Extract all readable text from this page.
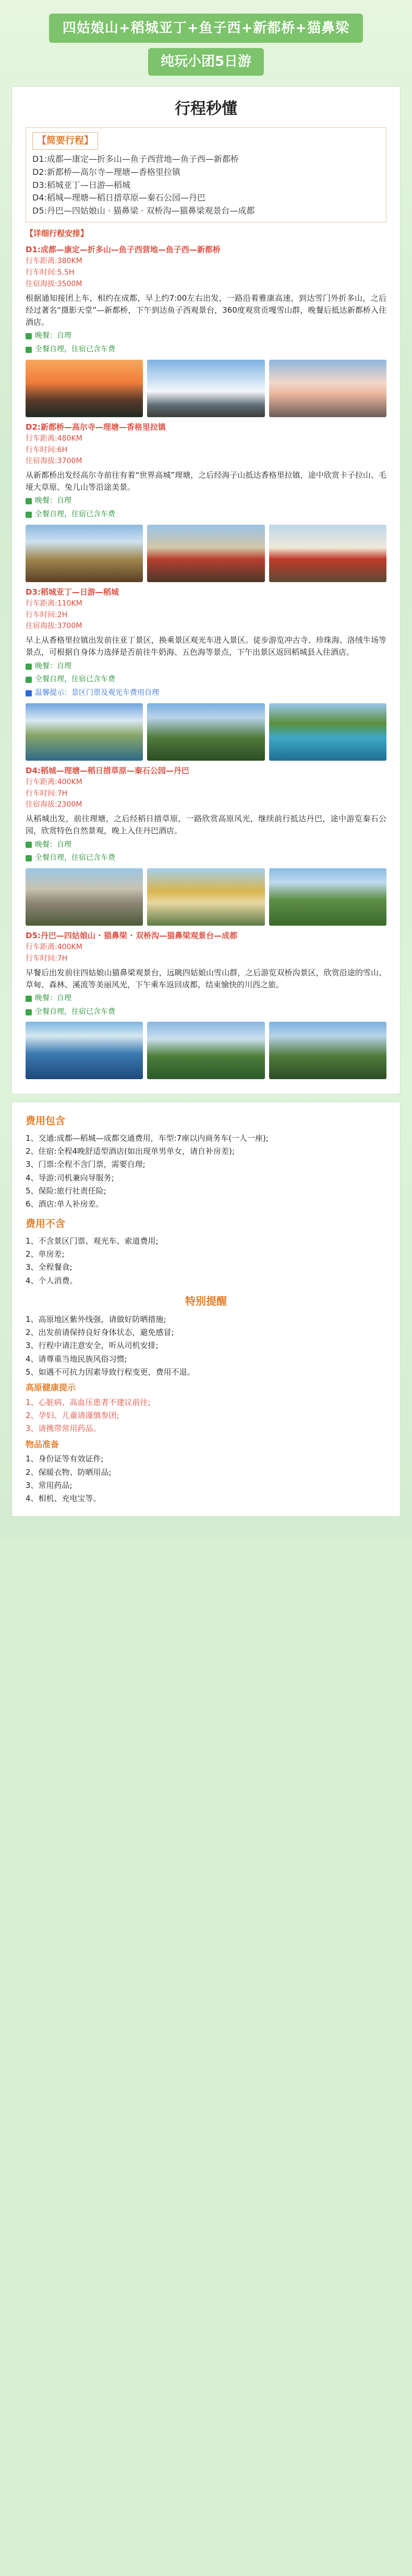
四姑娘山+稻城亚丁+鱼子西+新都桥+猫鼻梁
纯玩小团5日游
行程秒懂
【简要行程】
D1:成都—康定—折多山—鱼子西营地—鱼子西—新都桥
D2:新都桥—高尔寺—理塘—香格里拉镇
D3:稻城亚丁—日游—稻城
D4:稻城—理塘—稻日措草原—秦石公园—丹巴
D5:丹巴—四姑娘山 · 猫鼻梁 · 双桥沟—猫鼻梁观景台—成都
【详细行程安排】
D1:成都—康定—折多山—鱼子西营地—鱼子西—新都桥
行车距离:380KM
行车时间:5.5H
住宿海拔:3500M
根据通知接团上车，相约在成都，早上约7:00左右出发，一路沿着雅康高速，到达雪门外折多山，之后经过著名“摄影天堂”—新都桥，下午到达鱼子西观景台，360度观赏贡嘎雪山群，晚餐后抵达新都桥入住酒店。
晚餐：自理
全餐自理，住宿已含车费
D2:新都桥—高尔寺—理塘—香格里拉镇
行车距离:480KM
行车时间:6H
住宿海拔:3700M
从新都桥出发经高尔寺前往有着“世界高城”理塘，之后经海子山抵达香格里拉镇，途中欣赏卡子拉山、毛垭大草原、兔儿山等沿途美景。
晚餐：自理
全餐自理，住宿已含车费
D3:稻城亚丁—日游—稻城
行车距离:110KM
行车时间:2H
住宿海拔:3700M
早上从香格里拉镇出发前往亚丁景区，换乘景区观光车进入景区。徒步游览冲古寺、珍珠海、洛绒牛场等景点，可根据自身体力选择是否前往牛奶海、五色海等景点，下午出景区返回稻城县入住酒店。
晚餐：自理
全餐自理，住宿已含车费
温馨提示：景区门票及观光车费用自理
D4:稻城—理塘—稻日措草原—秦石公园—丹巴
行车距离:400KM
行车时间:7H
住宿海拔:2300M
从稻城出发，前往理塘，之后经稻日措草原，一路欣赏高原风光，继续前行抵达丹巴，途中游览秦石公园，欣赏特色自然景观，晚上入住丹巴酒店。
晚餐：自理
全餐自理，住宿已含车费
D5:丹巴—四姑娘山 · 猫鼻梁 · 双桥沟—猫鼻梁观景台—成都
行车距离:400KM
行车时间:7H
早餐后出发前往四姑娘山猫鼻梁观景台，远眺四姑娘山雪山群，之后游览双桥沟景区，欣赏沿途的雪山、草甸、森林、溪流等美丽风光，下午乘车返回成都，结束愉快的川西之旅。
晚餐：自理
全餐自理，住宿已含车费
费用包含

1、交通:成都—稻城—成都交通费用，车型:7座以内商务车(一人一座);

2、住宿:全程4晚舒适型酒店(如出现单男单女，请自补房差);

3、门票:全程不含门票，需要自理;

4、导游:司机兼向导服务;

5、保险:旅行社责任险;

6、酒店:单人补房差。

费用不含

1、不含景区门票、观光车、索道费用;

2、单房差;

3、全程餐食;

4、个人消费。

特别提醒

1、高原地区紫外线强，请做好防晒措施;

2、出发前请保持良好身体状态，避免感冒;

3、行程中请注意安全，听从司机安排;

4、请尊重当地民族风俗习惯;

5、如遇不可抗力因素导致行程变更，费用不退。

高原健康提示

1、心脏病、高血压患者不建议前往;

2、孕妇、儿童请谨慎参团;

3、请携带常用药品。

物品准备

1、身份证等有效证件;

2、保暖衣物、防晒用品;

3、常用药品;

4、相机、充电宝等。
